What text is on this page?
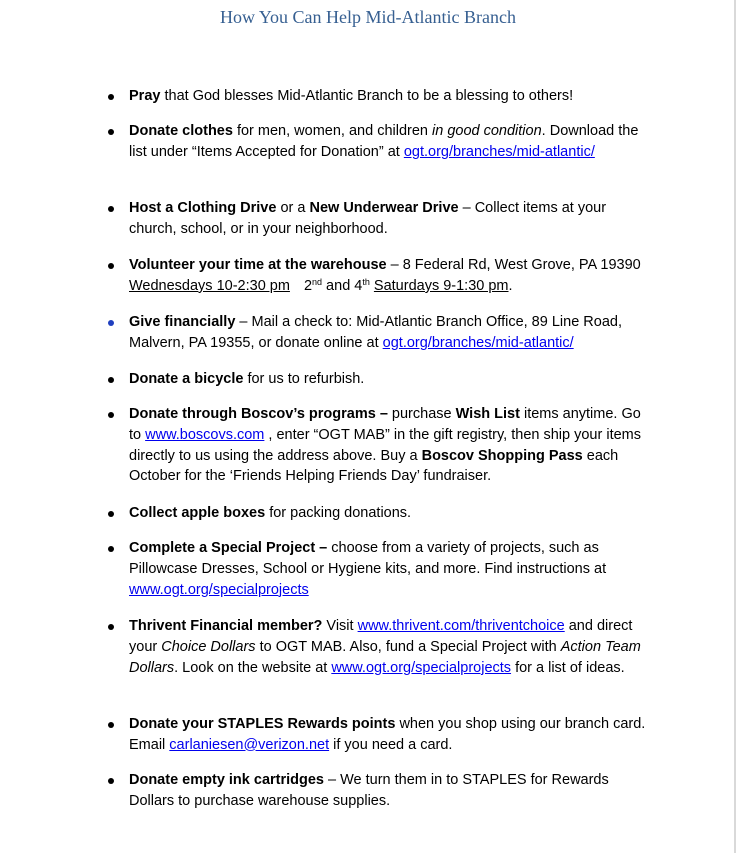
How You Can Help Mid-Atlantic Branch
Pray that God blesses Mid-Atlantic Branch to be a blessing to others!
Donate clothes for men, women, and children in good condition. Download the list under “Items Accepted for Donation” at ogt.org/branches/mid-atlantic/
Host a Clothing Drive or a New Underwear Drive – Collect items at your church, school, or in your neighborhood.
Volunteer your time at the warehouse – 8 Federal Rd, West Grove, PA 19390 Wednesdays 10-2:30 pm 2nd and 4th Saturdays 9-1:30 pm.
Give financially – Mail a check to: Mid-Atlantic Branch Office, 89 Line Road, Malvern, PA 19355, or donate online at ogt.org/branches/mid-atlantic/
Donate a bicycle for us to refurbish.
Donate through Boscov’s programs – purchase Wish List items anytime. Go to www.boscovs.com , enter “OGT MAB” in the gift registry, then ship your items directly to us using the address above. Buy a Boscov Shopping Pass each October for the ‘Friends Helping Friends Day’ fundraiser.
Collect apple boxes for packing donations.
Complete a Special Project – choose from a variety of projects, such as Pillowcase Dresses, School or Hygiene kits, and more. Find instructions at www.ogt.org/specialprojects
Thrivent Financial member? Visit www.thrivent.com/thriventchoice and direct your Choice Dollars to OGT MAB. Also, fund a Special Project with Action Team Dollars. Look on the website at www.ogt.org/specialprojects for a list of ideas.
Donate your STAPLES Rewards points when you shop using our branch card. Email carlaniesen@verizon.net if you need a card.
Donate empty ink cartridges – We turn them in to STAPLES for Rewards Dollars to purchase warehouse supplies.
